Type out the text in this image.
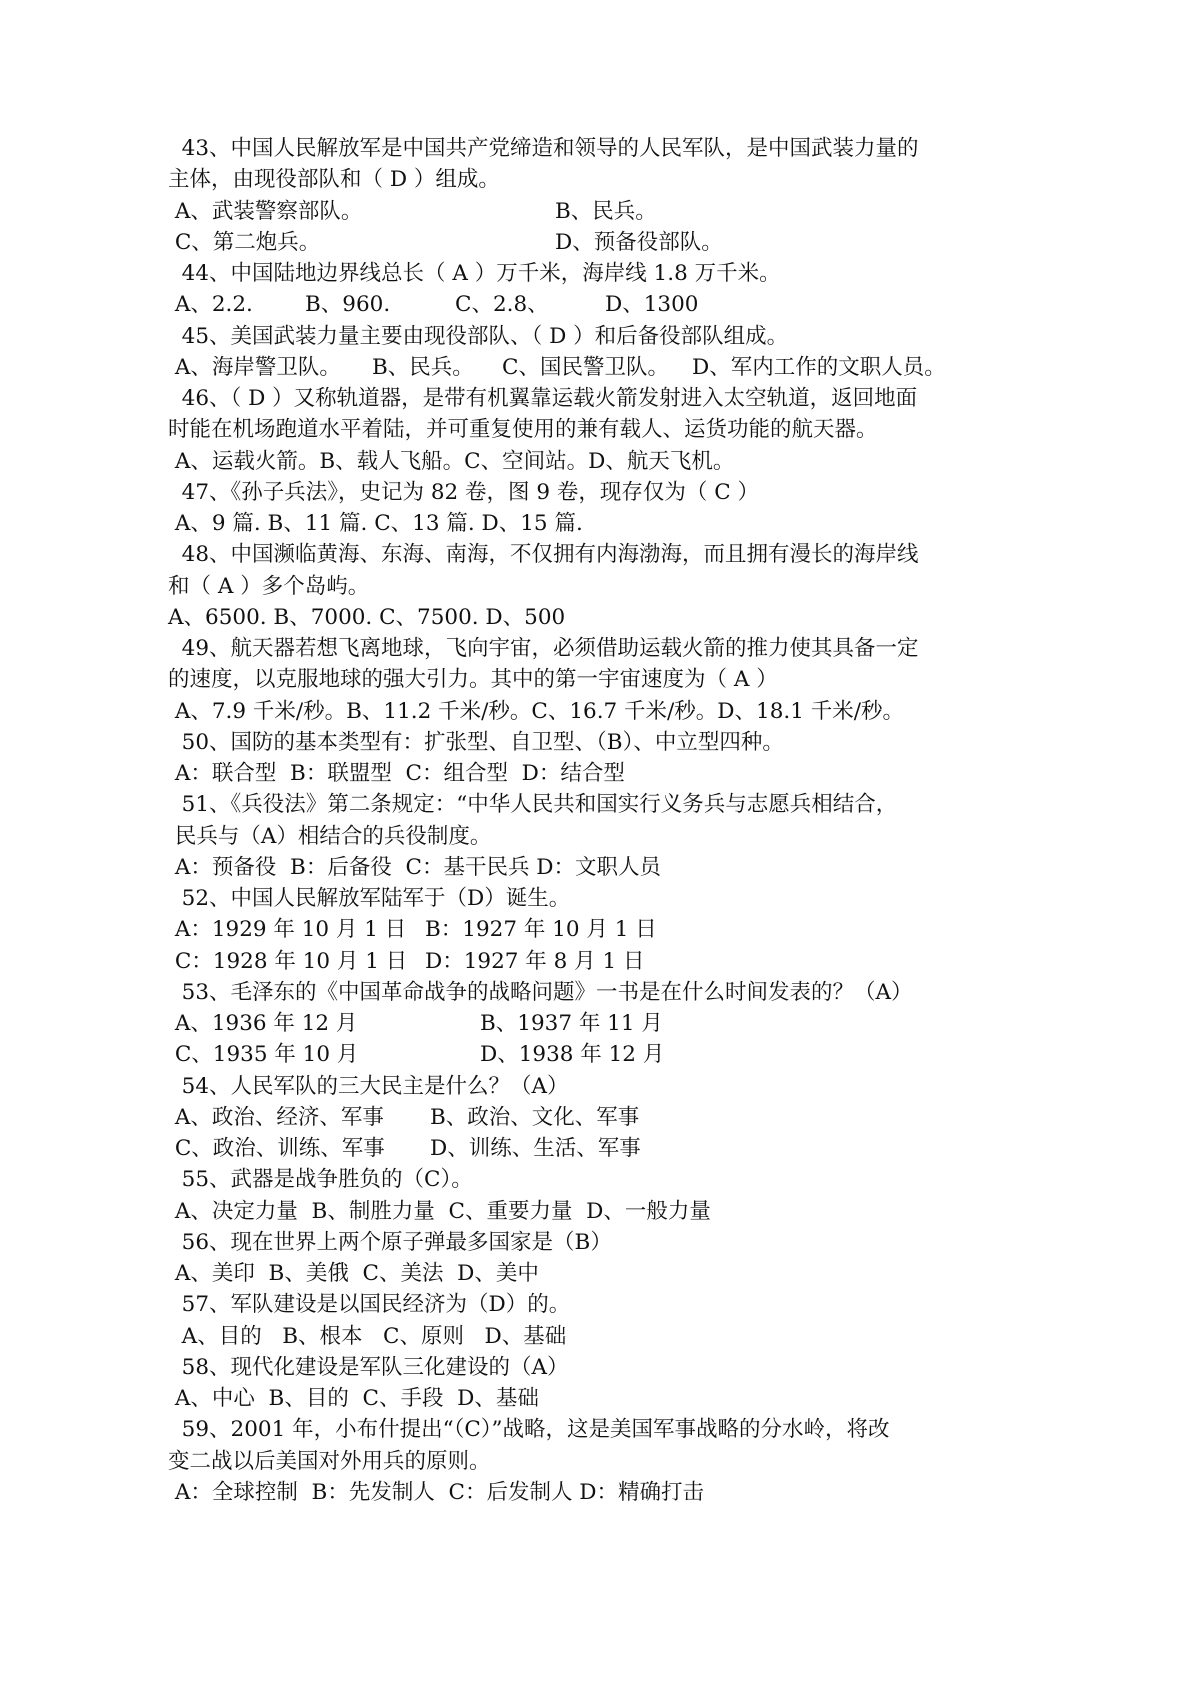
43、中国人民解放军是中国共产党缔造和领导的人民军队，是中国武装力量的
主体，由现役部队和（ D ）组成。
A、武装警察部队。	B、民兵。
C、第二炮兵。	D、预备役部队。
44、中国陆地边界线总长（ A ）万千米，海岸线 1.8 万千米。
A、2.2. B、960.	C、2.8、	D、1300
45、美国武装力量主要由现役部队、（ D ）和后备役部队组成。
A、海岸警卫队。 B、民兵。 C、国民警卫队。 D、军内工作的文职人员。
46、（ D ）又称轨道器，是带有机翼靠运载火箭发射进入太空轨道，返回地面
时能在机场跑道水平着陆，并可重复使用的兼有载人、运货功能的航天器。
A、运载火箭。B、载人飞船。C、空间站。D、航天飞机。
47、《孙子兵法》，史记为 82 卷，图 9 卷，现存仅为（ C ）
A、9 篇. B、11 篇. C、13 篇. D、15 篇.
48、中国濒临黄海、东海、南海，不仅拥有内海渤海，而且拥有漫长的海岸线
和（ A ）多个岛屿。
A、6500. B、7000. C、7500. D、500
49、航天器若想飞离地球，飞向宇宙，必须借助运载火箭的推力使其具备一定
的速度，以克服地球的强大引力。其中的第一宇宙速度为（ A ）
A、7.9 千米/秒。B、11.2 千米/秒。C、16.7 千米/秒。D、18.1 千米/秒。
50、国防的基本类型有：扩张型、自卫型、（B）、中立型四种。
A：联合型  B：联盟型  C：组合型  D：结合型
51、《兵役法》第二条规定：“中华人民共和国实行义务兵与志愿兵相结合，
民兵与（A）相结合的兵役制度。
A：预备役  B：后备役  C：基干民兵 D：文职人员
52、中国人民解放军陆军于（D）诞生。
A：1929 年 10 月 1 日 B：1927 年 10 月 1 日
C：1928 年 10 月 1 日 D：1927 年 8 月 1 日
53、毛泽东的《中国革命战争的战略问题》一书是在什么时间发表的？（A）
A、1936 年 12 月	B、1937 年 11 月
C、1935 年 10 月	D、1938 年 12 月
54、人民军队的三大民主是什么？（A）
A、政治、经济、军事 B、政治、文化、军事
C、政治、训练、军事 D、训练、生活、军事
55、武器是战争胜负的（C）。
A、决定力量  B、制胜力量  C、重要力量  D、一般力量
56、现在世界上两个原子弹最多国家是（B）
A、美印  B、美俄  C、美法  D、美中
57、军队建设是以国民经济为（D）的。
A、目的   B、根本   C、原则   D、基础
58、现代化建设是军队三化建设的（A）
A、中心  B、目的  C、手段  D、基础
59、2001 年，小布什提出“（C）”战略，这是美国军事战略的分水岭，将改
变二战以后美国对外用兵的原则。
A：全球控制  B：先发制人  C：后发制人 D：精确打击
